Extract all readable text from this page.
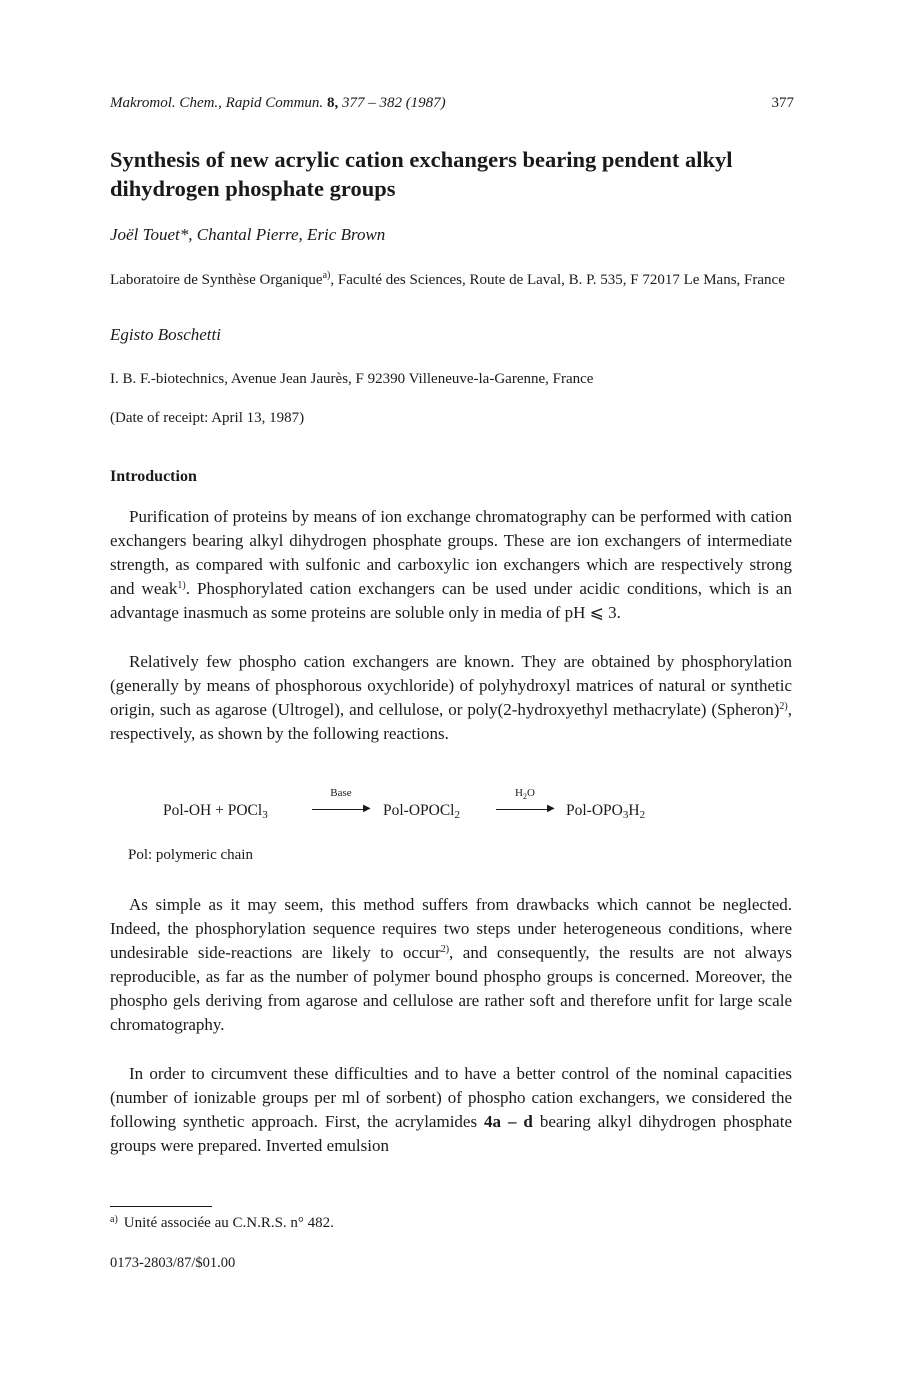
Makromol. Chem., Rapid Commun. 8, 377 – 382 (1987)	377
Synthesis of new acrylic cation exchangers bearing pendent alkyl dihydrogen phosphate groups
Joël Touet*, Chantal Pierre, Eric Brown
Laboratoire de Synthèse Organique$^{a)}$, Faculté des Sciences, Route de Laval, B. P. 535, F 72017 Le Mans, France
Egisto Boschetti
I. B. F.-biotechnics, Avenue Jean Jaurès, F 92390 Villeneuve-la-Garenne, France
(Date of receipt: April 13, 1987)
Introduction

Purification of proteins by means of ion exchange chromatography can be performed with cation exchangers bearing alkyl dihydrogen phosphate groups. These are ion exchangers of intermediate strength, as compared with sulfonic and carboxylic ion exchangers which are respectively strong and weak$^{1)}$. Phosphorylated cation exchangers can be used under acidic conditions, which is an advantage inasmuch as some proteins are soluble only in media of pH ⩽ 3.

Relatively few phospho cation exchangers are known. They are obtained by phosphorylation (generally by means of phosphorous oxychloride) of polyhydroxyl matrices of natural or synthetic origin, such as agarose (Ultrogel), and cellulose, or poly(2-hydroxyethyl methacrylate) (Spheron)$^{2)}$, respectively, as shown by the following reactions.

Pol-OH + POCl$_3$
Base
▶ Pol-OPOCl$_2$
$H_2O$
▶ Pol-$OPO_3H_2$
Pol: polymeric chain

As simple as it may seem, this method suffers from drawbacks which cannot be neglected. Indeed, the phosphorylation sequence requires two steps under heterogeneous conditions, where undesirable side-reactions are likely to occur$^{2)}$, and consequently, the results are not always reproducible, as far as the number of polymer bound phospho groups is concerned. Moreover, the phospho gels deriving from agarose and cellulose are rather soft and therefore unfit for large scale chromatography.

In order to circumvent these difficulties and to have a better control of the nominal capacities (number of ionizable groups per ml of sorbent) of phospho cation exchangers, we considered the following synthetic approach. First, the acrylamides 4a – d bearing alkyl dihydrogen phosphate groups were prepared. Inverted emulsion

$^{a)}$ Unité associée au C.N.R.S. n° 482.
0173-2803/87/$01.00
